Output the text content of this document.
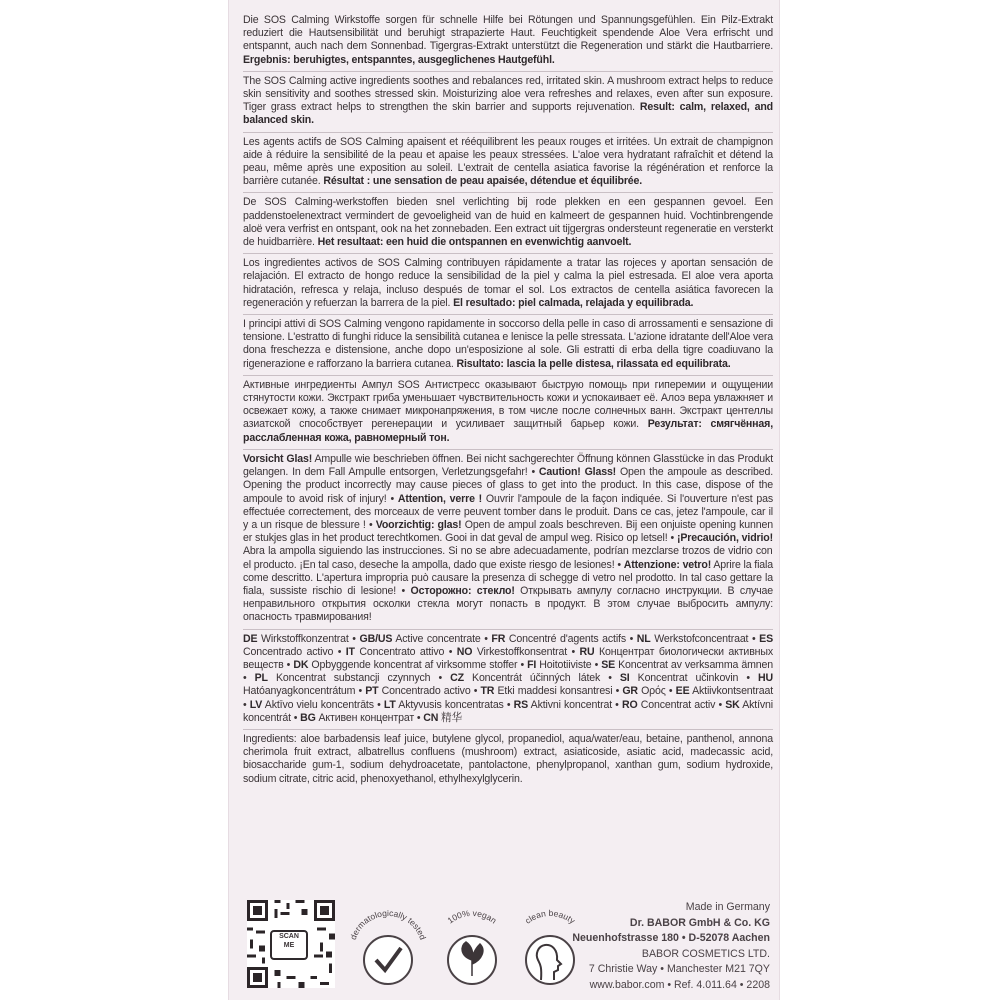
Die SOS Calming Wirkstoffe sorgen für schnelle Hilfe bei Rötungen und Spannungsgefühlen. Ein Pilz-Extrakt reduziert die Hautsensibilität und beruhigt strapazierte Haut. Feuchtigkeit spendende Aloe Vera erfrischt und entspannt, auch nach dem Sonnenbad. Tigergras-Extrakt unterstützt die Regeneration und stärkt die Hautbarriere. Ergebnis: beruhigtes, entspanntes, ausgeglichenes Hautgefühl.
The SOS Calming active ingredients soothes and rebalances red, irritated skin. A mushroom extract helps to reduce skin sensitivity and soothes stressed skin. Moisturizing aloe vera refreshes and relaxes, even after sun exposure. Tiger grass extract helps to strengthen the skin barrier and supports rejuvenation. Result: calm, relaxed, and balanced skin.
Les agents actifs de SOS Calming apaisent et rééquilibrent les peaux rouges et irritées. Un extrait de champignon aide à réduire la sensibilité de la peau et apaise les peaux stressées. L'aloe vera hydratant rafraîchit et détend la peau, même après une exposition au soleil. L'extrait de centella asiatica favorise la régénération et renforce la barrière cutanée. Résultat : une sensation de peau apaisée, détendue et équilibrée.
De SOS Calming-werkstoffen bieden snel verlichting bij rode plekken en een gespannen gevoel. Een paddenstoelenextract vermindert de gevoeligheid van de huid en kalmeert de gespannen huid. Vochtinbrengende aloë vera verfrist en ontspant, ook na het zonnebaden. Een extract uit tijgergras ondersteunt regeneratie en versterkt de huidbarrière. Het resultaat: een huid die ontspannen en evenwichtig aanvoelt.
Los ingredientes activos de SOS Calming contribuyen rápidamente a tratar las rojeces y aportan sensación de relajación. El extracto de hongo reduce la sensibilidad de la piel y calma la piel estresada. El aloe vera aporta hidratación, refresca y relaja, incluso después de tomar el sol. Los extractos de centella asiática favorecen la regeneración y refuerzan la barrera de la piel. El resultado: piel calmada, relajada y equilibrada.
I principi attivi di SOS Calming vengono rapidamente in soccorso della pelle in caso di arrossamenti e sensazione di tensione. L'estratto di funghi riduce la sensibilità cutanea e lenisce la pelle stressata. L'azione idratante dell'Aloe vera dona freschezza e distensione, anche dopo un'esposizione al sole. Gli estratti di erba della tigre coadiuvano la rigenerazione e rafforzano la barriera cutanea. Risultato: lascia la pelle distesa, rilassata ed equilibrata.
Активные ингредиенты Ампул SOS Антистресс оказывают быструю помощь при гиперемии и ощущении стянутости кожи. Экстракт гриба уменьшает чувствительность кожи и успокаивает её. Алоэ вера увлажняет и освежает кожу, а также снимает микронапряжения, в том числе после солнечных ванн. Экстракт центеллы азиатской способствует регенерации и усиливает защитный барьер кожи. Результат: смягчённая, расслабленная кожа, равномерный тон.
Vorsicht Glas! Ampulle wie beschrieben öffnen. Bei nicht sachgerechter Öffnung können Glasstücke in das Produkt gelangen. In dem Fall Ampulle entsorgen, Verletzungsgefahr! • Caution! Glass! Open the ampoule as described. Opening the product incorrectly may cause pieces of glass to get into the product. In this case, dispose of the ampoule to avoid risk of injury! • Attention, verre ! Ouvrir l'ampoule de la façon indiquée. Si l'ouverture n'est pas effectuée correctement, des morceaux de verre peuvent tomber dans le produit. Dans ce cas, jetez l'ampoule, car il y a un risque de blessure ! • Voorzichtig: glas! Open de ampul zoals beschreven. Bij een onjuiste opening kunnen er stukjes glas in het product terechtkomen. Gooi in dat geval de ampul weg. Risico op letsel! • ¡Precaución, vidrio! Abra la ampolla siguiendo las instrucciones. Si no se abre adecuadamente, podrían mezclarse trozos de vidrio con el producto. ¡En tal caso, deseche la ampolla, dado que existe riesgo de lesiones! • Attenzione: vetro! Aprire la fiala come descritto. L'apertura impropria può causare la presenza di schegge di vetro nel prodotto. In tal caso gettare la fiala, sussiste rischio di lesione! • Осторожно: стекло! Открывать ампулу согласно инструкции. В случае неправильного открытия осколки стекла могут попасть в продукт. В этом случае выбросить ампулу: опасность травмирования!
DE Wirkstoffkonzentrat • GB/US Active concentrate • FR Concentré d'agents actifs • NL Werkstofconcentraat • ES Concentrado activo • IT Concentrato attivo • NO Virkestoffkonsentrat • RU Концентрат биологически активных веществ • DK Opbyggende koncentrat af virksomme stoffer • FI Hoitotiiviste • SE Koncentrat av verksamma ämnen • PL Koncentrat substancji czynnych • CZ Koncentrát účinných látek • SI Koncentrat učinkovin • HU Hatóanyagkoncentrátum • PT Concentrado activo • TR Etki maddesi konsantresi • GR Ορός • EE Aktiivkontsentraat • LV Aktīvo vielu koncentrāts • LT Aktyvusis koncentratas • RS Aktivni koncentrat • RO Concentrat activ • SK Aktívni koncentrát • BG Активен концентрат • CN 精华
Ingredients: aloe barbadensis leaf juice, butylene glycol, propanediol, aqua/water/eau, betaine, panthenol, annona cherimola fruit extract, albatrellus confluens (mushroom) extract, asiaticoside, asiatic acid, madecassic acid, biosaccharide gum-1, sodium dehydroacetate, pantolactone, phenylpropanol, xanthan gum, sodium hydroxide, sodium citrate, citric acid, phenoxyethanol, ethylhexylglycerin.
SCAN
ME
dermatologically tested
100% vegan	clean beauty
Made in Germany
Dr. BABOR GmbH & Co. KG
Neuenhofstrasse 180 • D-52078 Aachen
BABOR COSMETICS LTD.
7 Christie Way • Manchester M21 7QY
www.babor.com • Ref. 4.011.64 • 2208
